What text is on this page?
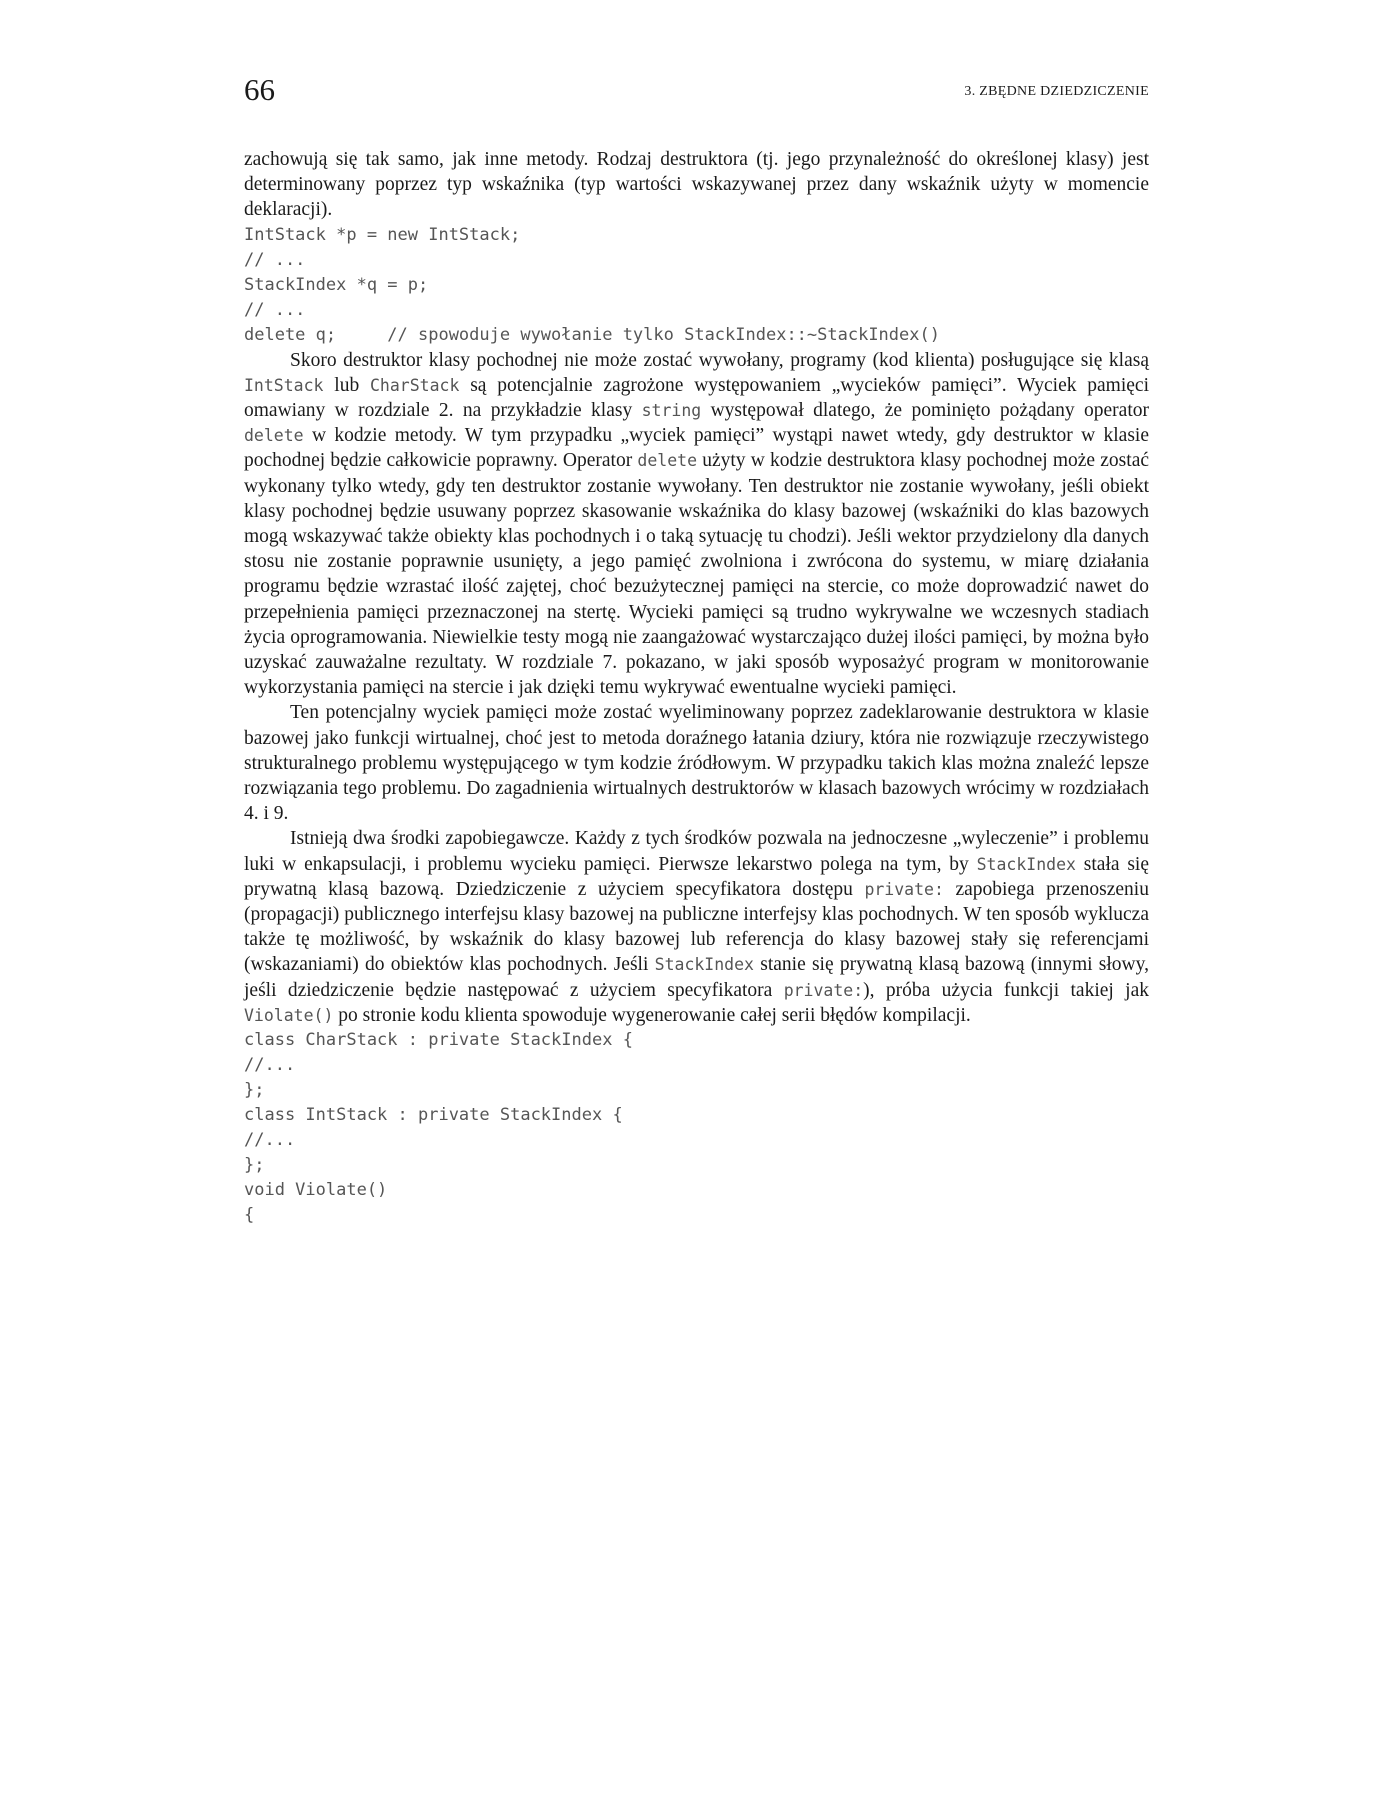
66	3. ZBĘDNE DZIEDZICZENIE

zachowują się tak samo, jak inne metody. Rodzaj destruktora (tj. jego przynależność do określonej klasy) jest determinowany poprzez typ wskaźnika (typ wartości wskazywanej przez dany wskaźnik użyty w momencie deklaracji).

IntStack *p = new IntStack;
// ...
StackIndex *q = p;
// ...
delete q;     // spowoduje wywołanie tylko StackIndex::~StackIndex()

Skoro destruktor klasy pochodnej nie może zostać wywołany, programy (kod klienta) posługujące się klasą IntStack lub CharStack są potencjalnie zagrożone występowaniem „wycieków pamięci”. Wyciek pamięci omawiany w rozdziale 2. na przykładzie klasy string występował dlatego, że pominięto pożądany operator delete w kodzie metody. W tym przypadku „wyciek pamięci” wystąpi nawet wtedy, gdy destruktor w klasie pochodnej będzie całkowicie poprawny. Operator delete użyty w kodzie destruktora klasy pochodnej może zostać wykonany tylko wtedy, gdy ten destruktor zostanie wywołany. Ten destruktor nie zostanie wywołany, jeśli obiekt klasy pochodnej będzie usuwany poprzez skasowanie wskaźnika do klasy bazowej (wskaźniki do klas bazowych mogą wskazywać także obiekty klas pochodnych i o taką sytuację tu chodzi). Jeśli wektor przydzielony dla danych stosu nie zostanie poprawnie usunięty, a jego pamięć zwolniona i zwrócona do systemu, w miarę działania programu będzie wzrastać ilość zajętej, choć bezużytecznej pamięci na stercie, co może doprowadzić nawet do przepełnienia pamięci przeznaczonej na stertę. Wycieki pamięci są trudno wykrywalne we wczesnych stadiach życia oprogramowania. Niewielkie testy mogą nie zaangażować wystarczająco dużej ilości pamięci, by można było uzyskać zauważalne rezultaty. W rozdziale 7. pokazano, w jaki sposób wyposażyć program w monitorowanie wykorzystania pamięci na stercie i jak dzięki temu wykrywać ewentualne wycieki pamięci.

Ten potencjalny wyciek pamięci może zostać wyeliminowany poprzez zadeklarowanie destruktora w klasie bazowej jako funkcji wirtualnej, choć jest to metoda doraźnego łatania dziury, która nie rozwiązuje rzeczywistego strukturalnego problemu występującego w tym kodzie źródłowym. W przypadku takich klas można znaleźć lepsze rozwiązania tego problemu. Do zagadnienia wirtualnych destruktorów w klasach bazowych wrócimy w rozdziałach 4. i 9.

Istnieją dwa środki zapobiegawcze. Każdy z tych środków pozwala na jednoczesne „wyleczenie” i problemu luki w enkapsulacji, i problemu wycieku pamięci. Pierwsze lekarstwo polega na tym, by StackIndex stała się prywatną klasą bazową. Dziedziczenie z użyciem specyfikatora dostępu private: zapobiega przenoszeniu (propagacji) publicznego interfejsu klasy bazowej na publiczne interfejsy klas pochodnych. W ten sposób wyklucza także tę możliwość, by wskaźnik do klasy bazowej lub referencja do klasy bazowej stały się referencjami (wskazaniami) do obiektów klas pochodnych. Jeśli StackIndex stanie się prywatną klasą bazową (innymi słowy, jeśli dziedziczenie będzie następować z użyciem specyfikatora private:), próba użycia funkcji takiej jak Violate() po stronie kodu klienta spowoduje wygenerowanie całej serii błędów kompilacji.

class CharStack : private StackIndex {
//...
};
class IntStack : private StackIndex {
//...
};
void Violate()
{
